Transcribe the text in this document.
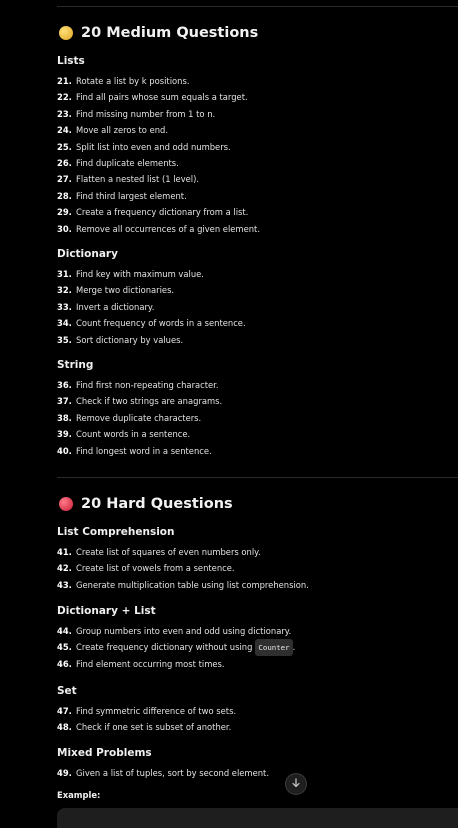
20 Medium Questions
Lists
21. Rotate a list by k positions.
22. Find all pairs whose sum equals a target.
23. Find missing number from 1 to n.
24. Move all zeros to end.
25. Split list into even and odd numbers.
26. Find duplicate elements.
27. Flatten a nested list (1 level).
28. Find third largest element.
29. Create a frequency dictionary from a list.
30. Remove all occurrences of a given element.
Dictionary
31. Find key with maximum value.
32. Merge two dictionaries.
33. Invert a dictionary.
34. Count frequency of words in a sentence.
35. Sort dictionary by values.
String
36. Find first non-repeating character.
37. Check if two strings are anagrams.
38. Remove duplicate characters.
39. Count words in a sentence.
40. Find longest word in a sentence.
20 Hard Questions
List Comprehension
41. Create list of squares of even numbers only.
42. Create list of vowels from a sentence.
43. Generate multiplication table using list comprehension.
Dictionary + List
44. Group numbers into even and odd using dictionary.
45. Create frequency dictionary without using Counter .
46. Find element occurring most times.
Set
47. Find symmetric difference of two sets.
48. Check if one set is subset of another.
Mixed Problems
49. Given a list of tuples, sort by second element.
Example:
